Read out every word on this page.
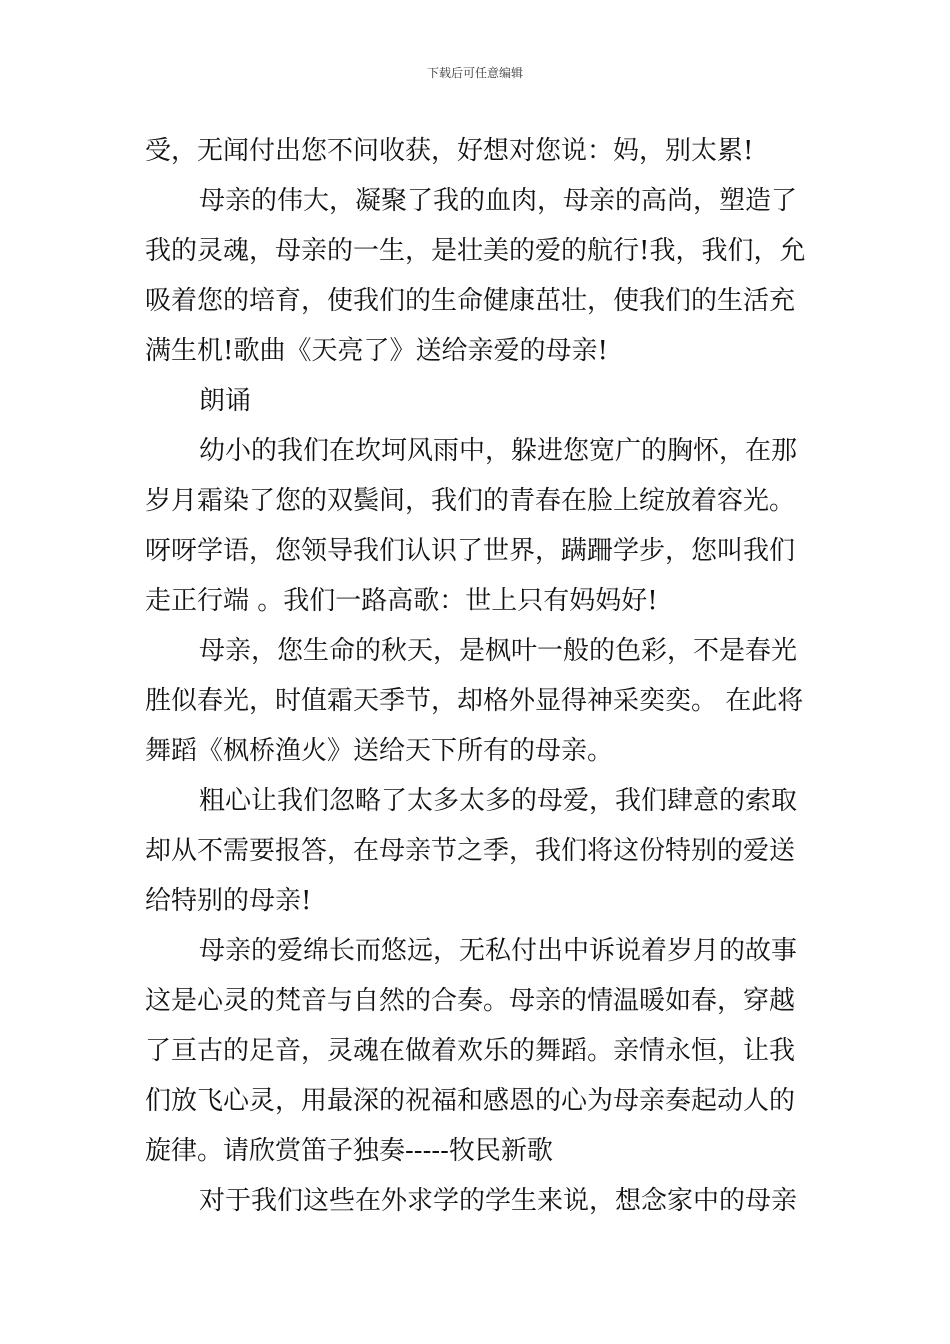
下载后可任意编辑
受，无闻付出您不问收获，好想对您说：妈，别太累!
母亲的伟大，凝聚了我的血肉，母亲的高尚，塑造了
我的灵魂，母亲的一生，是壮美的爱的航行!我，我们，允
吸着您的培育，使我们的生命健康茁壮，使我们的生活充
满生机!歌曲《天亮了》送给亲爱的母亲!
朗诵
幼小的我们在坎坷风雨中，躲进您宽广的胸怀，在那
岁月霜染了您的双鬓间，我们的青春在脸上绽放着容光。
呀呀学语，您领导我们认识了世界，蹒跚学步，您叫我们
走正行端 。我们一路高歌：世上只有妈妈好!
母亲，您生命的秋天，是枫叶一般的色彩，不是春光
胜似春光，时值霜天季节，却格外显得神采奕奕。 在此将
舞蹈《枫桥渔火》送给天下所有的母亲。
粗心让我们忽略了太多太多的母爱，我们肆意的索取
却从不需要报答，在母亲节之季，我们将这份特别的爱送
给特别的母亲!
母亲的爱绵长而悠远，无私付出中诉说着岁月的故事
这是心灵的梵音与自然的合奏。母亲的情温暖如春，穿越
了亘古的足音，灵魂在做着欢乐的舞蹈。亲情永恒，让我
们放飞心灵，用最深的祝福和感恩的心为母亲奏起动人的
旋律。请欣赏笛子独奏-----牧民新歌
对于我们这些在外求学的学生来说，想念家中的母亲
